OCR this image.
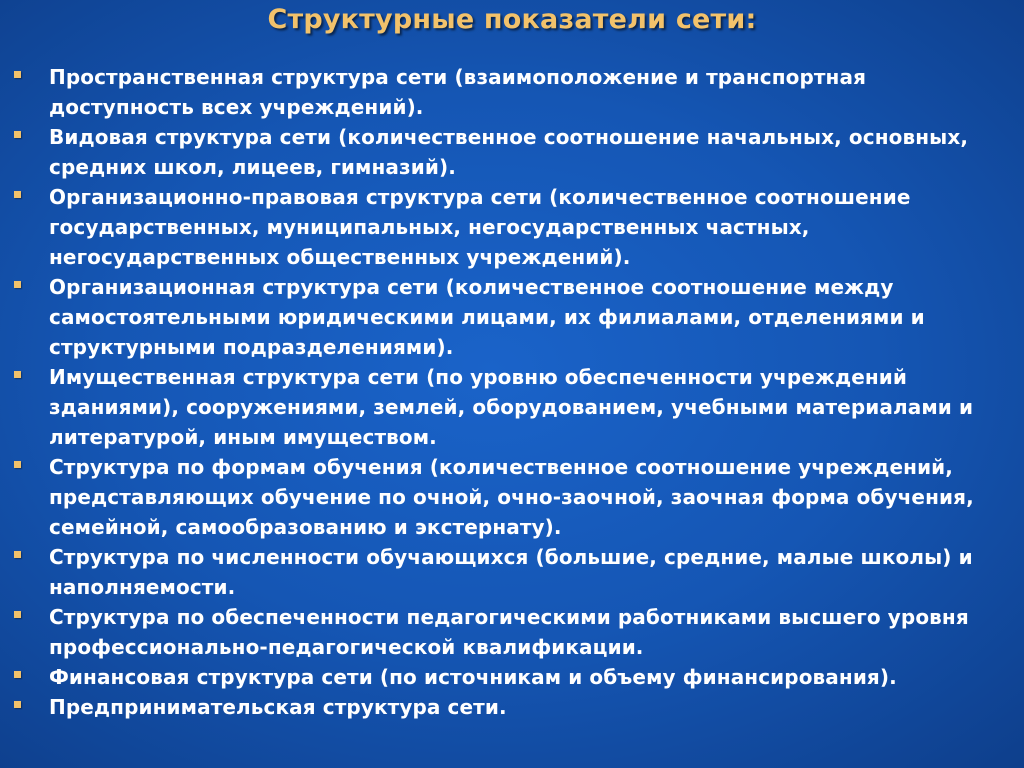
Структурные показатели сети:
Пространственная структура сети (взаимоположение и транспортная доступность всех учреждений).
Видовая структура сети (количественное соотношение начальных, основных, средних школ, лицеев, гимназий).
Организационно-правовая структура сети (количественное соотношение государственных, муниципальных, негосударственных частных, негосударственных общественных учреждений).
Организационная структура сети (количественное соотношение между самостоятельными юридическими лицами, их филиалами, отделениями и структурными подразделениями).
Имущественная структура сети (по уровню обеспеченности учреждений зданиями), сооружениями, землей, оборудованием, учебными материалами и литературой, иным имуществом.
Структура по формам обучения (количественное соотношение учреждений, представляющих обучение по очной, очно-заочной, заочная форма обучения, семейной, самообразованию и экстернату).
Структура по численности обучающихся (большие, средние, малые школы) и наполняемости.
Структура по обеспеченности педагогическими работниками высшего уровня профессионально-педагогической квалификации.
Финансовая структура сети (по источникам и объему финансирования).
Предпринимательская структура сети.
